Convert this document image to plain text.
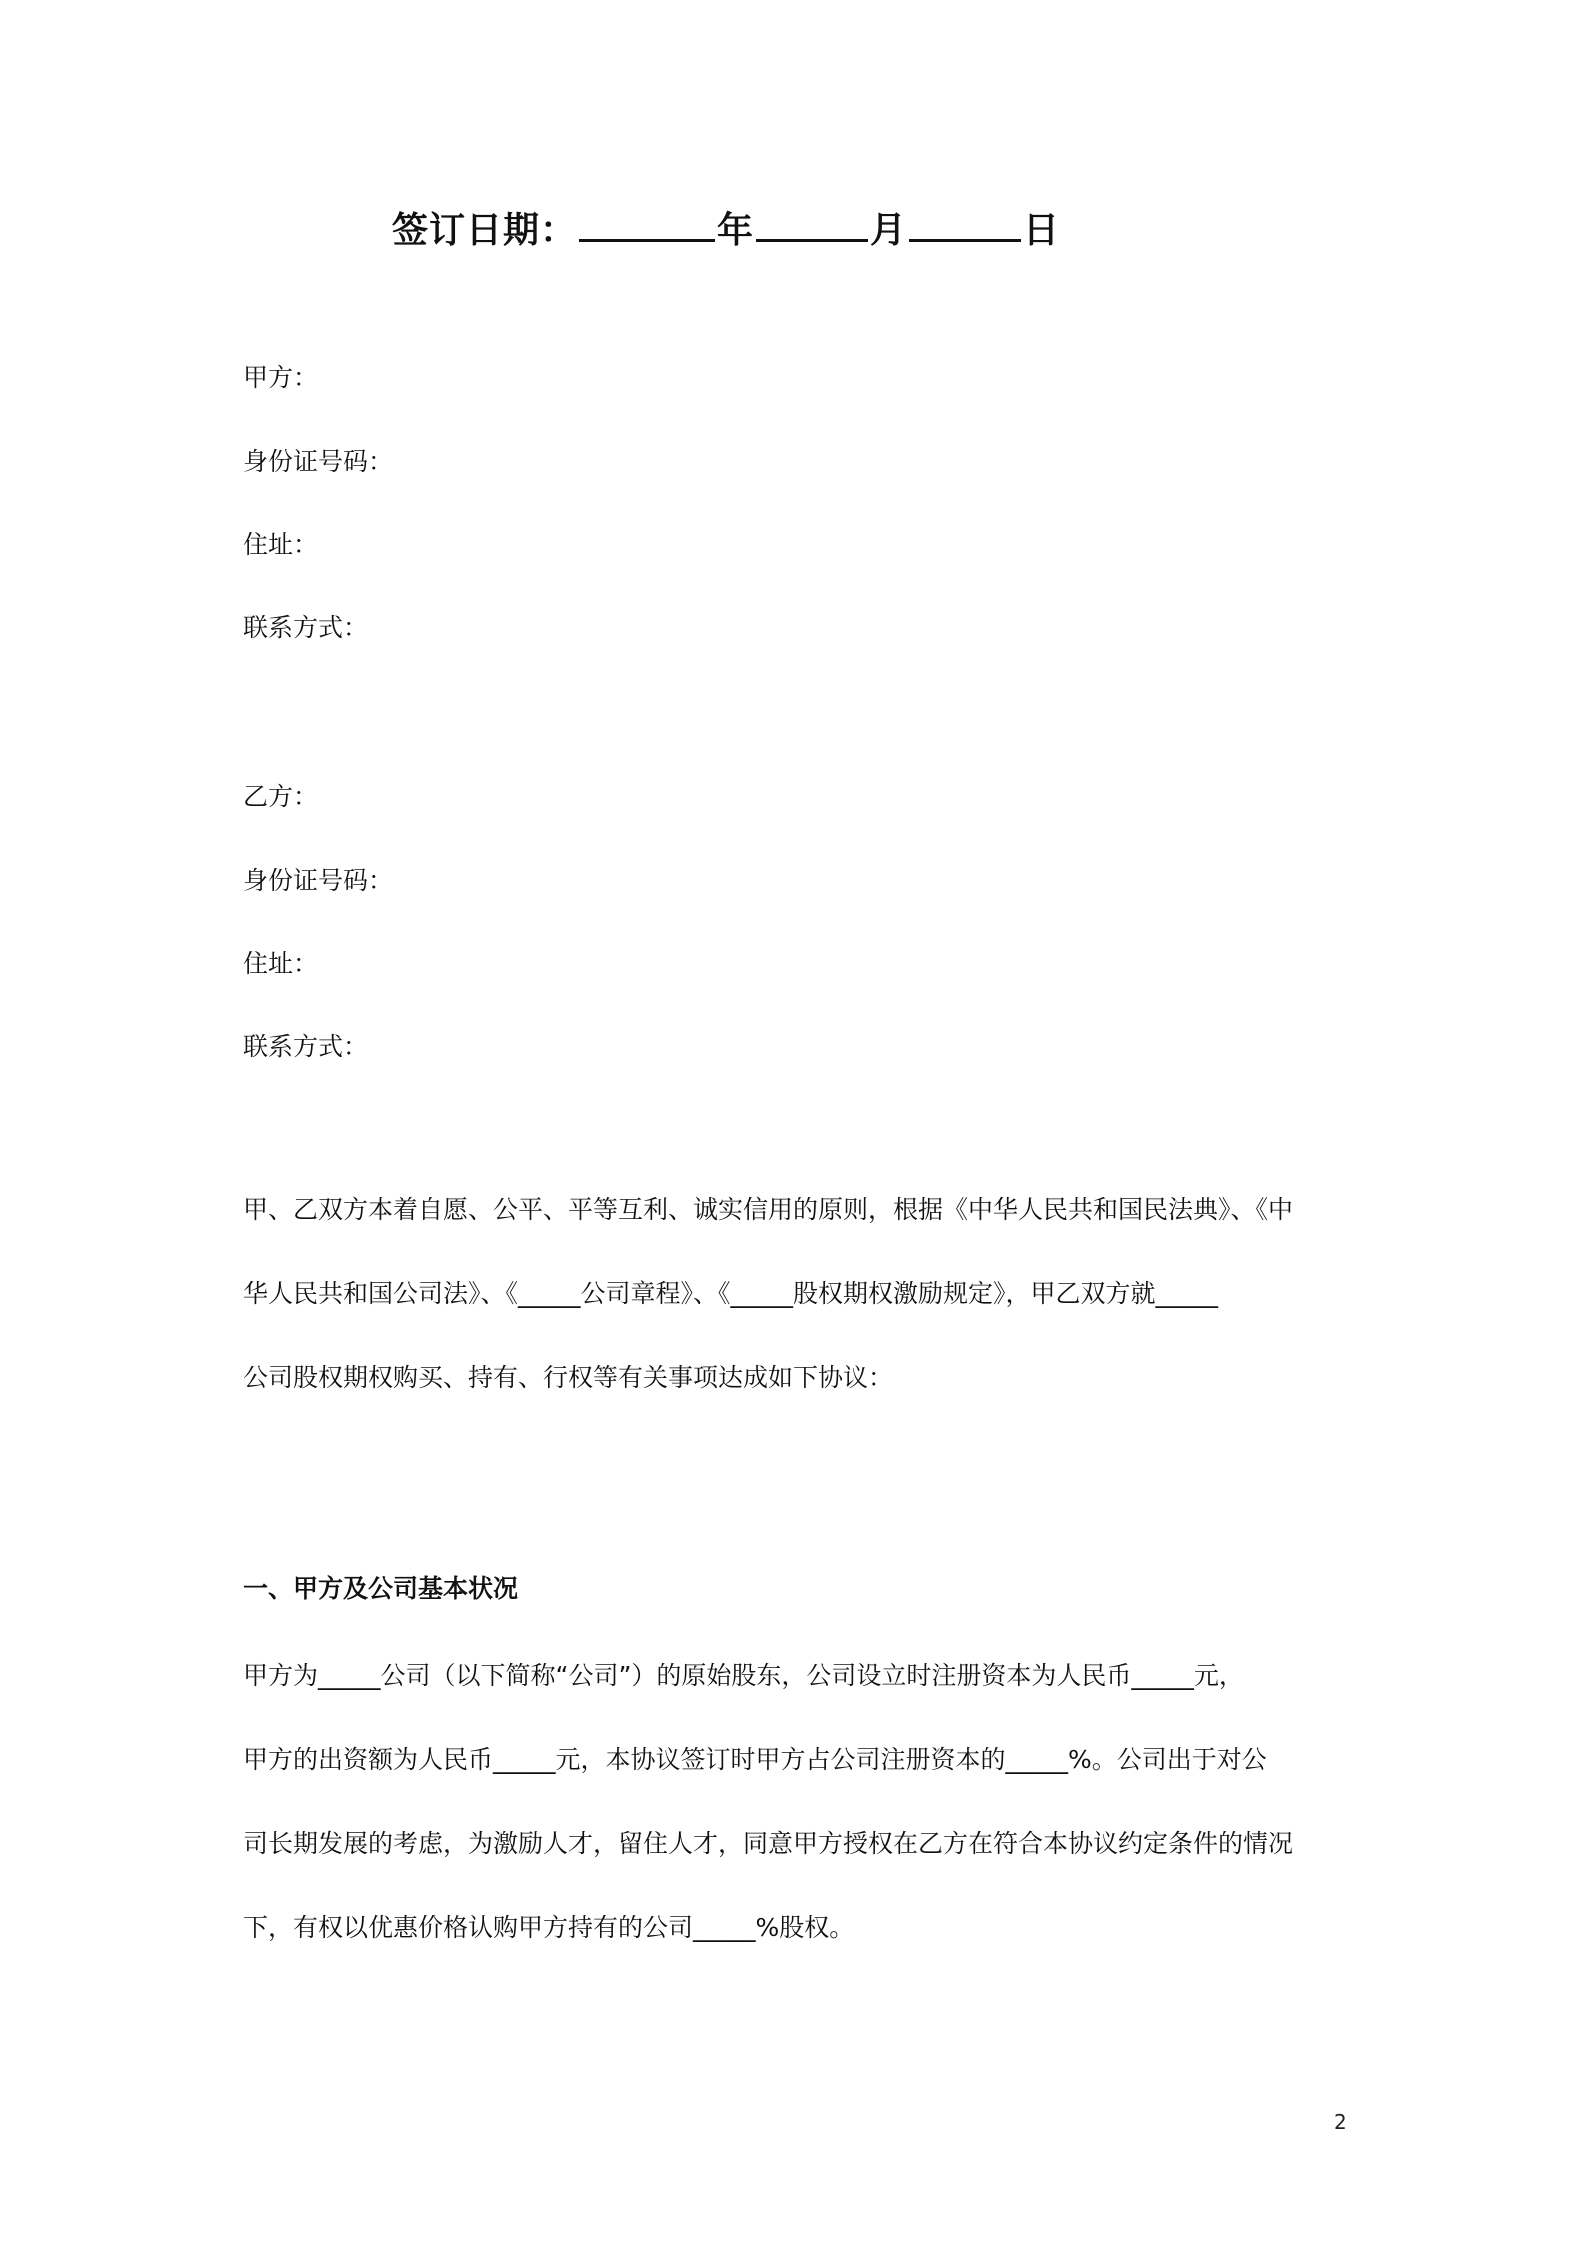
签订日期：	年	月	日
甲方：
身份证号码：
住址：
联系方式：
乙方：
身份证号码：
住址：
联系方式：
甲、乙双方本着自愿、公平、平等互利、诚实信用的原则，根据《中华人民共和国民法典》、《中
华人民共和国公司法》、《_____公司章程》、《_____股权期权激励规定》，甲乙双方就_____
公司股权期权购买、持有、行权等有关事项达成如下协议：
一、甲方及公司基本状况
甲方为_____公司（以下简称“公司”）的原始股东，公司设立时注册资本为人民币_____元，
甲方的出资额为人民币_____元，本协议签订时甲方占公司注册资本的_____%。公司出于对公
司长期发展的考虑，为激励人才，留住人才，同意甲方授权在乙方在符合本协议约定条件的情况
下，有权以优惠价格认购甲方持有的公司_____%股权。
2
